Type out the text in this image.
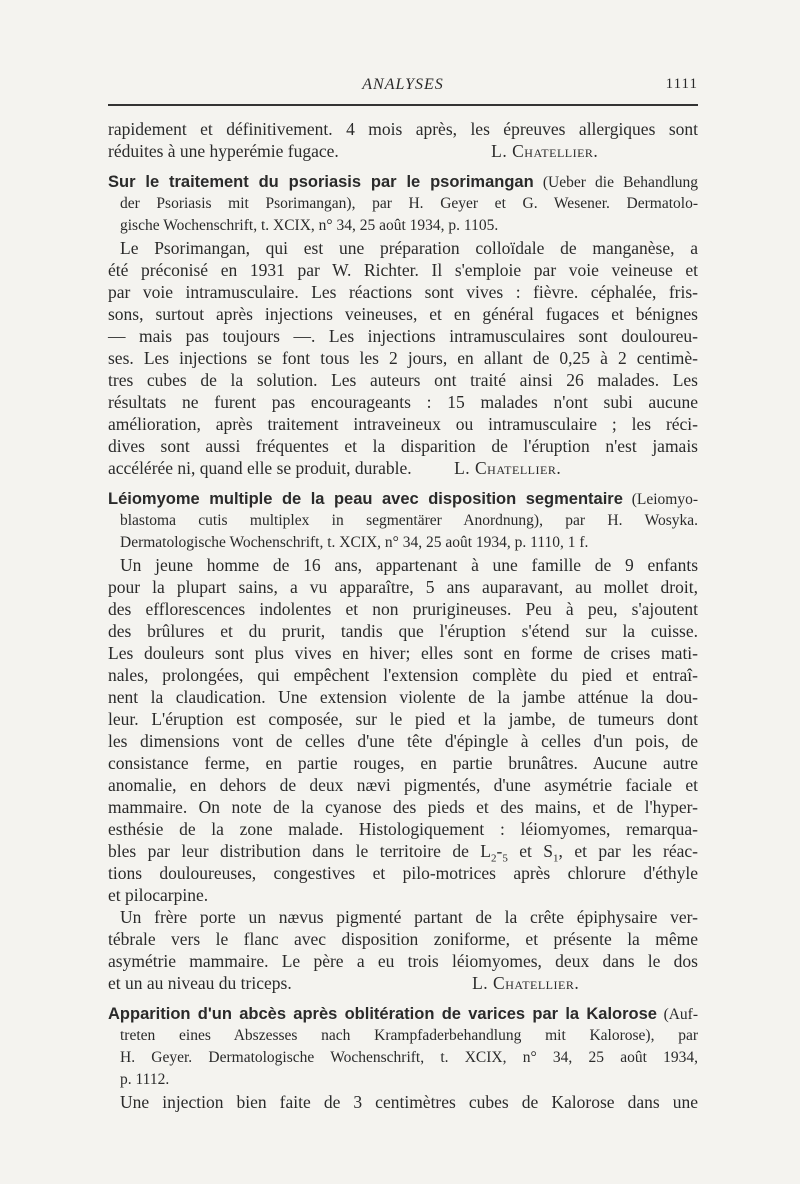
ANALYSES	1111
rapidement et définitivement. 4 mois après, les épreuves allergiques sont
réduites à une hyperémie fugace.	L. Chatellier.
Sur le traitement du psoriasis par le psorimangan (Ueber die Behandlung
der Psoriasis mit Psorimangan), par H. Geyer et G. Wesener. Dermatolo-
gische Wochenschrift, t. XCIX, n° 34, 25 août 1934, p. 1105.
Le Psorimangan, qui est une préparation colloïdale de manganèse, a
été préconisé en 1931 par W. Richter. Il s'emploie par voie veineuse et
par voie intramusculaire. Les réactions sont vives : fièvre. céphalée, fris-
sons, surtout après injections veineuses, et en général fugaces et bénignes
— mais pas toujours —. Les injections intramusculaires sont douloureu-
ses. Les injections se font tous les 2 jours, en allant de 0,25 à 2 centimè-
tres cubes de la solution. Les auteurs ont traité ainsi 26 malades. Les
résultats ne furent pas encourageants : 15 malades n'ont subi aucune
amélioration, après traitement intraveineux ou intramusculaire ; les réci-
dives sont aussi fréquentes et la disparition de l'éruption n'est jamais
accélérée ni, quand elle se produit, durable. L. Chatellier.
Léiomyome multiple de la peau avec disposition segmentaire (Leiomyo-
blastoma cutis multiplex in segmentärer Anordnung), par H. Wosyka.
Dermatologische Wochenschrift, t. XCIX, n° 34, 25 août 1934, p. 1110, 1 f.
Un jeune homme de 16 ans, appartenant à une famille de 9 enfants
pour la plupart sains, a vu apparaître, 5 ans auparavant, au mollet droit,
des efflorescences indolentes et non prurigineuses. Peu à peu, s'ajoutent
des brûlures et du prurit, tandis que l'éruption s'étend sur la cuisse.
Les douleurs sont plus vives en hiver; elles sont en forme de crises mati-
nales, prolongées, qui empêchent l'extension complète du pied et entraî-
nent la claudication. Une extension violente de la jambe atténue la dou-
leur. L'éruption est composée, sur le pied et la jambe, de tumeurs dont
les dimensions vont de celles d'une tête d'épingle à celles d'un pois, de
consistance ferme, en partie rouges, en partie brunâtres. Aucune autre
anomalie, en dehors de deux nævi pigmentés, d'une asymétrie faciale et
mammaire. On note de la cyanose des pieds et des mains, et de l'hyper-
esthésie de la zone malade. Histologiquement : léiomyomes, remarqua-
bles par leur distribution dans le territoire de $L_2-_5$ et $S_1$, et par les réac-
tions douloureuses, congestives et pilo-motrices après chlorure d'éthyle
et pilocarpine.
Un frère porte un nævus pigmenté partant de la crête épiphysaire ver-
tébrale vers le flanc avec disposition zoniforme, et présente la même
asymétrie mammaire. Le père a eu trois léiomyomes, deux dans le dos
et un au niveau du triceps.	L. Chatellier.
Apparition d'un abcès après oblitération de varices par la Kalorose (Auf-
treten eines Abszesses nach Krampfaderbehandlung mit Kalorose), par
H. Geyer. Dermatologische Wochenschrift, t. XCIX, n° 34, 25 août 1934,
p. 1112.
Une injection bien faite de 3 centimètres cubes de Kalorose dans une
